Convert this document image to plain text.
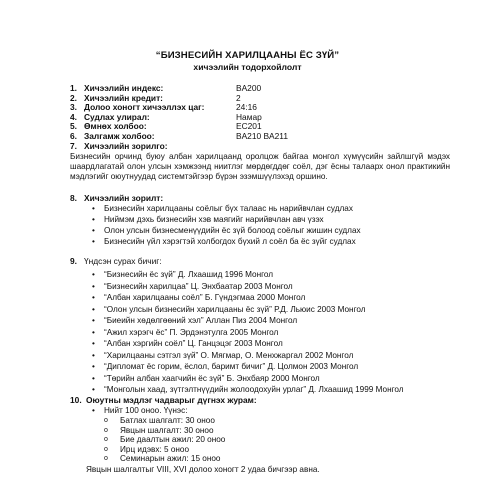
“БИЗНЕСИЙН ХАРИЛЦААНЫ ЁС ЗҮЙ”
хичээлийн тодорхойлолт
1. Хичээлийн индекс:	BA200
2. Хичээлийн кредит:	2
3. Долоо хоногт хичээллэх цаг:	24:16
4. Судлах улирал:	Намар
5. Өмнөх холбоо:	EC201
6. Залгамж холбоо:	BA210 BA211
7. Хичээлийн зорилго:
Бизнесийн орчинд буюу албан харилцаанд оролцож байгаа монгол хүмүүсийн зайлшгүй мэдэх шаардлагатай олон улсын хэмжээнд ниитлэг мөрдөгддөг соёл, дэг ёсны талаарх онол практикийн мэдлэгийг оюутнуудад системтэйгээр бүрэн эзэмшүүлэхэд оршино.
8. Хичээлийн зорилт:
• Бизнесийн харилцааны соёлыг бүх талаас нь нарийвчлан судлах
• Ниймэм дэхь бизнесийн хэв маягийг нарийвчлан авч үзэх
• Олон улсын бизнесменүүдийн ёс зүй болоод соёлыг жишин судлах
• Бизнесийн үйл хэрэгтэй холбогдох бүхий л соёл ба ёс зүйг судлах
9. Үндсэн сурах бичиг:
• “Бизнесийн ёс зүй” Д. Лхаашид 1996 Монгол
• “Бизнесийн харилцаа” Ц. Энхбаатар 2003 Монгол
• “Албан харилцааны соёл” Б. Гүндэгмаа 2000 Монгол
• “Олон улсын бизнесийн харилцааны ёс зүй” Р.Д. Льюис 2003 Монгол
• “Биеийн хөдөлгөөний хэл” Аллан Пиз 2004 Монгол
• “Ажил хэрэгч ёс” П. Эрдэнэтулга 2005 Монгол
• “Албан хэргийн соёл” Ц. Ганцэцэг 2003 Монгол
• “Харилцааны сэтгэл зүй” О. Мягмар, О. Менхжаргал 2002 Монгол
• “Дипломат ёс горим, ёслол, баримт бичиг” Д. Цолмон 2003 Монгол
• “Төрийн албан хаагчийн ёс зүй” Б. Энхбаяр 2000 Монгол
• “Монголын хаад, зүтгэлтнүүдийн жолоодохуйн урлаг” Д. Лхаашид 1999 Монгол
10. Оюутны мэдлэг чадварыг дүгнэх журам:
• Нийт 100 оноо. Үүнэс:
o Батлах шалгалт: 30 оноо
o Явцын шалгалт: 30 оноо
o Бие даалтын ажил: 20 оноо
o Ирц идэвх: 5 оноо
o Семинарын ажил: 15 оноо
Явцын шалгалтыг VIII, XVI долоо хоногт 2 удаа бичгээр авна.
